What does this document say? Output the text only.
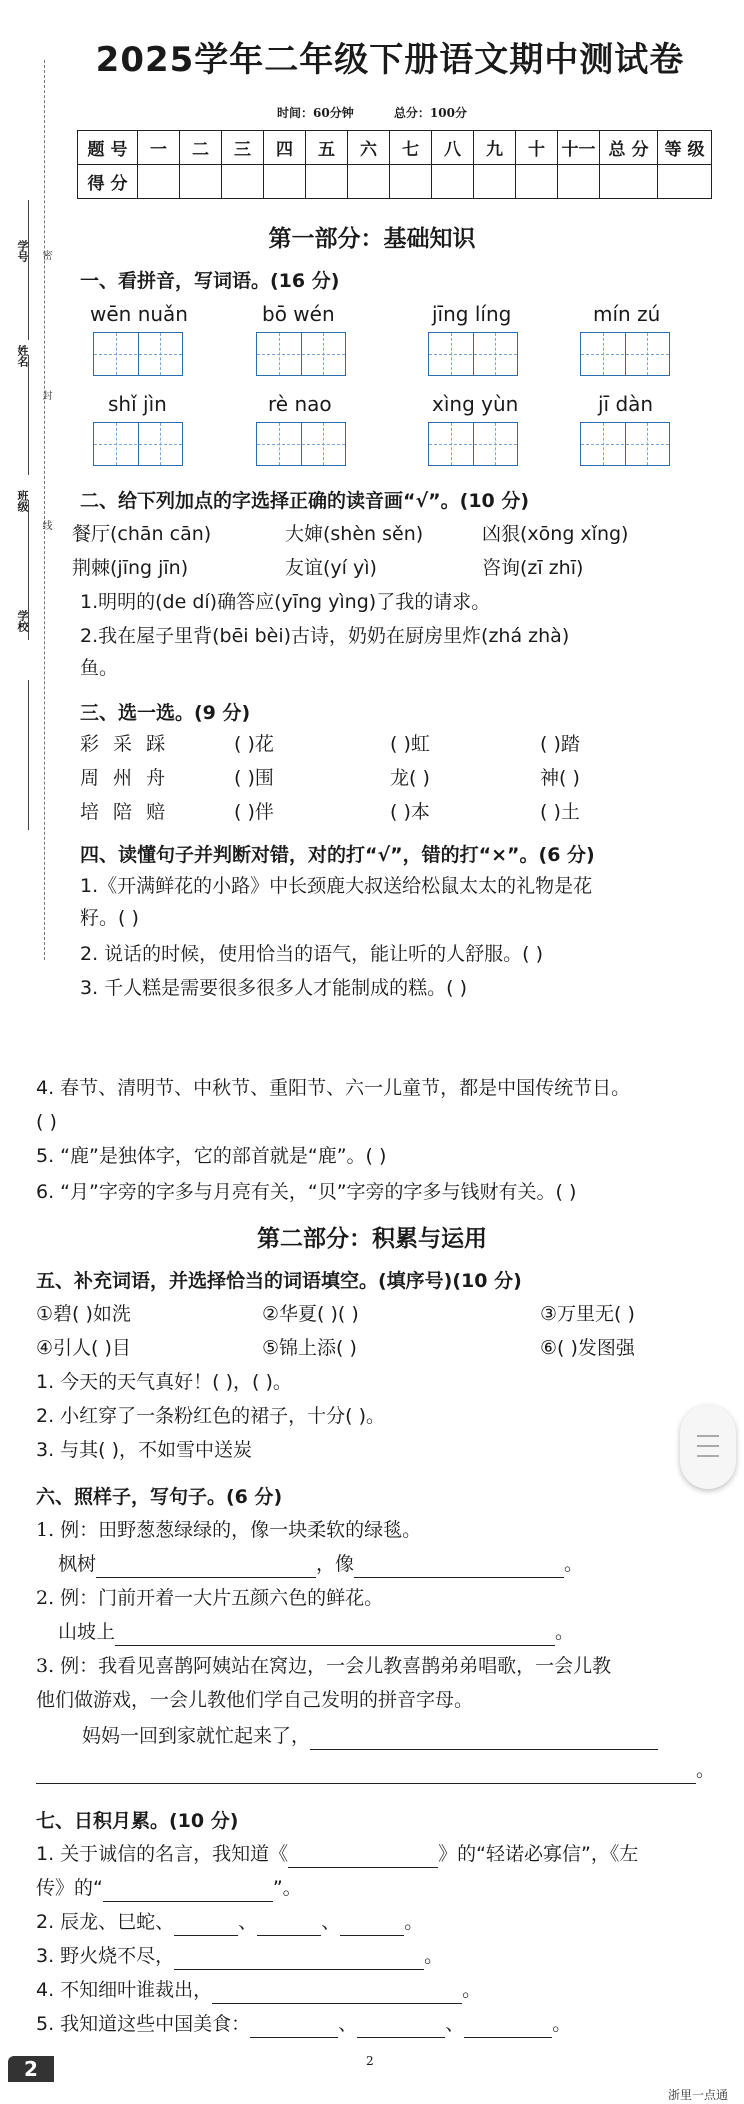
学号 密
姓名
封
班级
线
学校
2025学年二年级下册语文期中测试卷
时间：60分钟	总分：100分
题 号	一	二	三	四	五	六	七	八	九	十	十一	总 分	等 级
得 分													
第一部分：基础知识
一、看拼音，写词语。(16 分)
wēn nuǎn	bō wén	jīng líng	mín zú
shǐ jìn	rè nao	xìng yùn	jī dàn
二、给下列加点的字选择正确的读音画“√”。(10 分)
餐厅(chān cān)	大婶(shèn sěn)	凶狠(xōng xǐng)
荆棘(jīng jīn)	友谊(yí yì)	咨询(zī zhī)
1.明明的(de dí)确答应(yīng yìng)了我的请求。
2.我在屋子里背(bēi bèi)古诗，奶奶在厨房里炸(zhá zhà)
鱼。
三、选一选。(9 分)
彩 采 踩	( )花	( )虹	( )踏
周 州 舟	( )围	龙( )	神( )
培 陪 赔	( )伴	( )本	( )土
四、读懂句子并判断对错，对的打“√”，错的打“×”。(6 分)
1.《开满鲜花的小路》中长颈鹿大叔送给松鼠太太的礼物是花
籽。( )
2. 说话的时候，使用恰当的语气，能让听的人舒服。( )
3. 千人糕是需要很多很多人才能制成的糕。( )
4. 春节、清明节、中秋节、重阳节、六一儿童节，都是中国传统节日。
( )
5. “鹿”是独体字，它的部首就是“鹿”。( )
6. “月”字旁的字多与月亮有关，“贝”字旁的字多与钱财有关。( )
第二部分：积累与运用
五、补充词语，并选择恰当的词语填空。(填序号)(10 分)
①碧( )如洗	②华夏( )( )	③万里无( )
④引人( )目	⑤锦上添( )	⑥( )发图强
1. 今天的天气真好！( )，( )。
2. 小红穿了一条粉红色的裙子，十分( )。
3. 与其( )，不如雪中送炭
六、照样子，写句子。(6 分)
1. 例：田野葱葱绿绿的，像一块柔软的绿毯。
枫树	，像	。
2. 例：门前开着一大片五颜六色的鲜花。
山坡上	。
3. 例：我看见喜鹊阿姨站在窝边，一会儿教喜鹊弟弟唱歌，一会儿教
他们做游戏，一会儿教他们学自己发明的拼音字母。
妈妈一回到家就忙起来了，
。
七、日积月累。(10 分)
1. 关于诚信的名言，我知道《	》的“轻诺必寡信”，《左
传》的“	”。
2. 辰龙、巳蛇、	、	、	。
3. 野火烧不尽，	。
4. 不知细叶谁裁出，	。
5. 我知道这些中国美食：	、	、	。
2	2
浙里一点通
